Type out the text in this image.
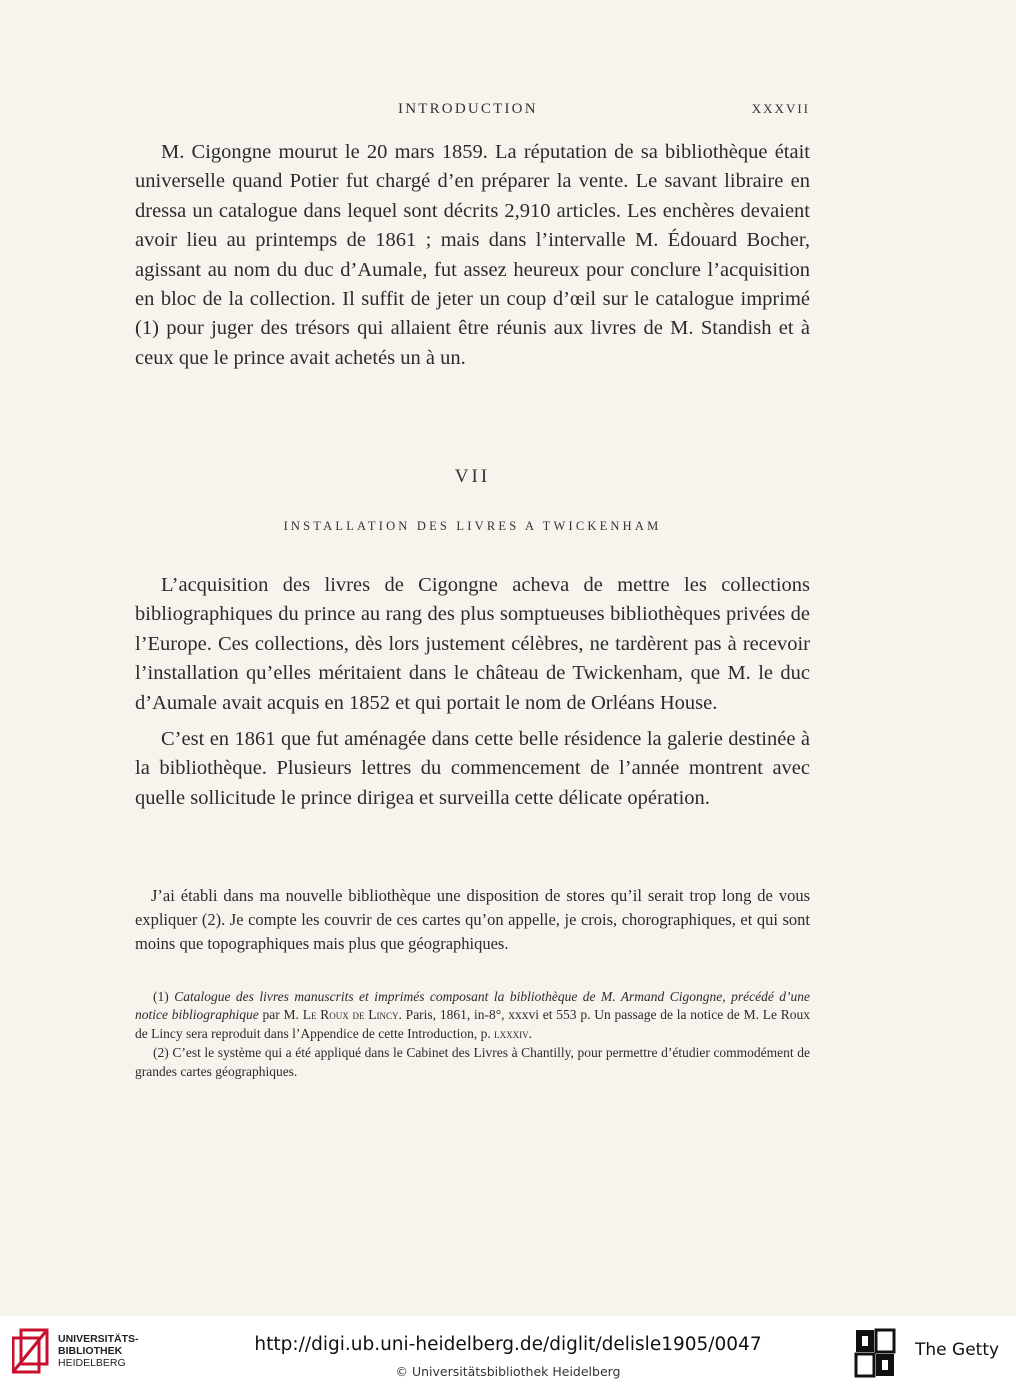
INTRODUCTION	XXXVII

M. Cigongne mourut le 20 mars 1859. La réputation de sa bibliothèque était universelle quand Potier fut chargé d’en préparer la vente. Le savant libraire en dressa un catalogue dans lequel sont décrits 2,910 articles. Les enchères devaient avoir lieu au printemps de 1861 ; mais dans l’intervalle M. Édouard Bocher, agissant au nom du duc d’Aumale, fut assez heureux pour conclure l’acquisition en bloc de la collection. Il suffit de jeter un coup d’œil sur le catalogue imprimé (1) pour juger des trésors qui allaient être réunis aux livres de M. Standish et à ceux que le prince avait achetés un à un.

VII
INSTALLATION DES LIVRES A TWICKENHAM

L’acquisition des livres de Cigongne acheva de mettre les collections bibliographiques du prince au rang des plus somptueuses bibliothèques privées de l’Europe. Ces collections, dès lors justement célèbres, ne tardèrent pas à recevoir l’installation qu’elles méritaient dans le château de Twickenham, que M. le duc d’Aumale avait acquis en 1852 et qui portait le nom de Orléans House.

C’est en 1861 que fut aménagée dans cette belle résidence la galerie destinée à la bibliothèque. Plusieurs lettres du commencement de l’année montrent avec quelle sollicitude le prince dirigea et surveilla cette délicate opération.

J’ai établi dans ma nouvelle bibliothèque une disposition de stores qu’il serait trop long de vous expliquer (2). Je compte les couvrir de ces cartes qu’on appelle, je crois, chorographiques, et qui sont moins que topographiques mais plus que géographiques.

(1) Catalogue des livres manuscrits et imprimés composant la bibliothèque de M. Armand Cigongne, précédé d’une notice bibliographique par M. Le Roux de Lincy. Paris, 1861, in-8°, xxxvi et 553 p. Un passage de la notice de M. Le Roux de Lincy sera reproduit dans l’Appendice de cette Introduction, p. lxxxiv.

(2) C’est le système qui a été appliqué dans le Cabinet des Livres à Chantilly, pour permettre d’étudier commodément de grandes cartes géographiques.

UNIVERSITÄTS-
BIBLIOTHEK
HEIDELBERG
http://digi.ub.uni-heidelberg.de/diglit/delisle1905/0047
© Universitätsbibliothek Heidelberg
The Getty
